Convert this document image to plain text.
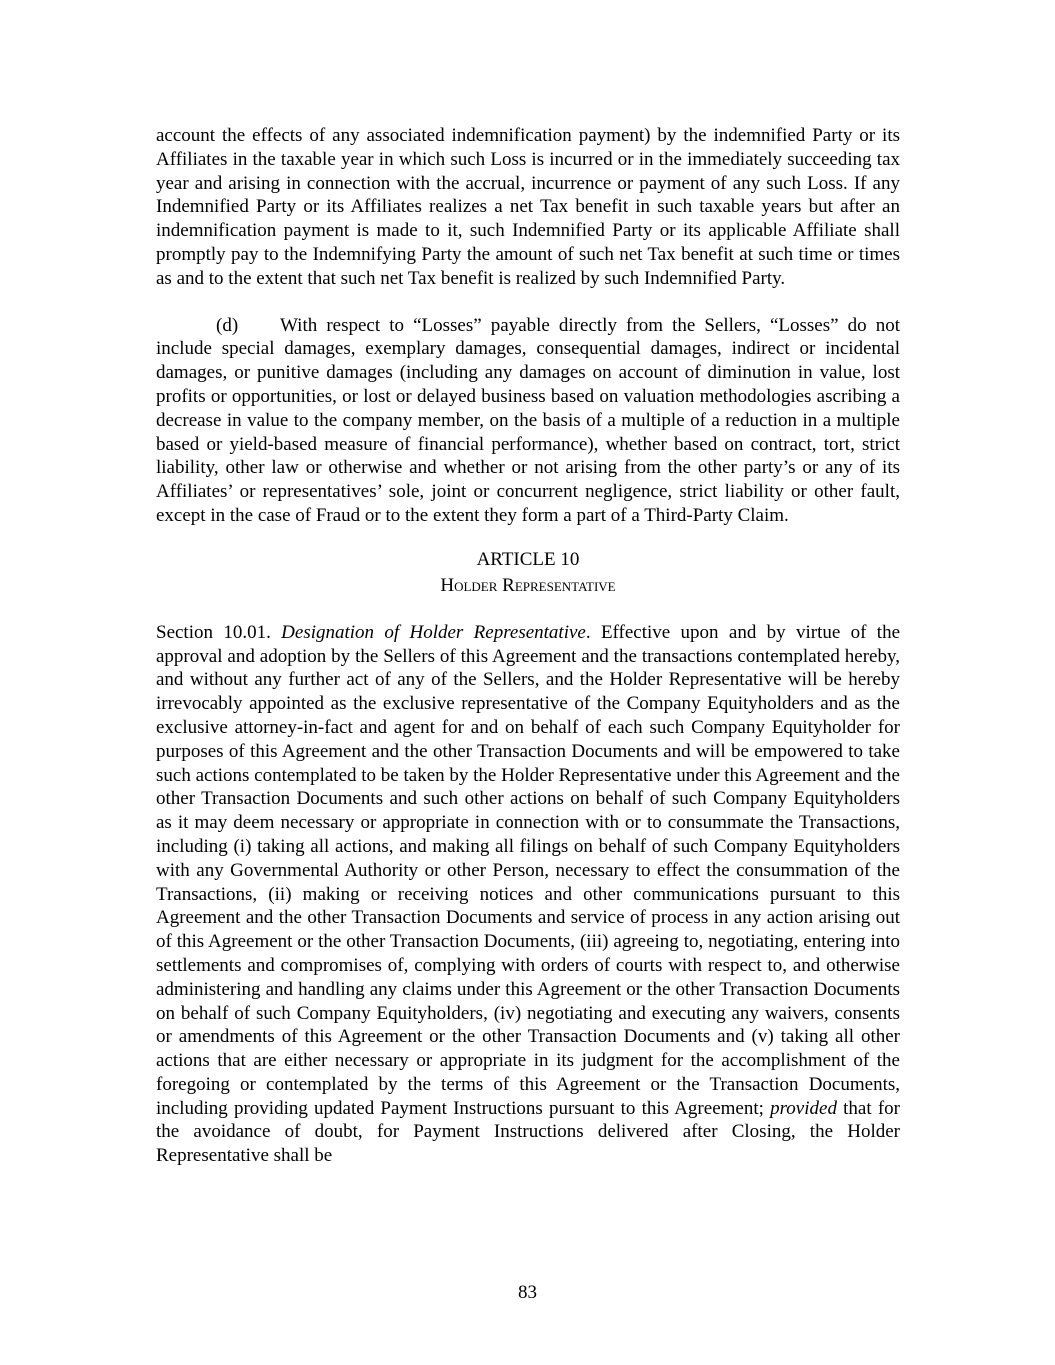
account the effects of any associated indemnification payment) by the indemnified Party or its Affiliates in the taxable year in which such Loss is incurred or in the immediately succeeding tax year and arising in connection with the accrual, incurrence or payment of any such Loss. If any Indemnified Party or its Affiliates realizes a net Tax benefit in such taxable years but after an indemnification payment is made to it, such Indemnified Party or its applicable Affiliate shall promptly pay to the Indemnifying Party the amount of such net Tax benefit at such time or times as and to the extent that such net Tax benefit is realized by such Indemnified Party.

(d) With respect to “Losses” payable directly from the Sellers, “Losses” do not include special damages, exemplary damages, consequential damages, indirect or incidental damages, or punitive damages (including any damages on account of diminution in value, lost profits or opportunities, or lost or delayed business based on valuation methodologies ascribing a decrease in value to the company member, on the basis of a multiple of a reduction in a multiple based or yield-based measure of financial performance), whether based on contract, tort, strict liability, other law or otherwise and whether or not arising from the other party’s or any of its Affiliates’ or representatives’ sole, joint or concurrent negligence, strict liability or other fault, except in the case of Fraud or to the extent they form a part of a Third-Party Claim.

ARTICLE 10
Holder Representative

Section 10.01. Designation of Holder Representative. Effective upon and by virtue of the approval and adoption by the Sellers of this Agreement and the transactions contemplated hereby, and without any further act of any of the Sellers, and the Holder Representative will be hereby irrevocably appointed as the exclusive representative of the Company Equityholders and as the exclusive attorney-in-fact and agent for and on behalf of each such Company Equityholder for purposes of this Agreement and the other Transaction Documents and will be empowered to take such actions contemplated to be taken by the Holder Representative under this Agreement and the other Transaction Documents and such other actions on behalf of such Company Equityholders as it may deem necessary or appropriate in connection with or to consummate the Transactions, including (i) taking all actions, and making all filings on behalf of such Company Equityholders with any Governmental Authority or other Person, necessary to effect the consummation of the Transactions, (ii) making or receiving notices and other communications pursuant to this Agreement and the other Transaction Documents and service of process in any action arising out of this Agreement or the other Transaction Documents, (iii) agreeing to, negotiating, entering into settlements and compromises of, complying with orders of courts with respect to, and otherwise administering and handling any claims under this Agreement or the other Transaction Documents on behalf of such Company Equityholders, (iv) negotiating and executing any waivers, consents or amendments of this Agreement or the other Transaction Documents and (v) taking all other actions that are either necessary or appropriate in its judgment for the accomplishment of the foregoing or contemplated by the terms of this Agreement or the Transaction Documents, including providing updated Payment Instructions pursuant to this Agreement; provided that for the avoidance of doubt, for Payment Instructions delivered after Closing, the Holder Representative shall be

83
